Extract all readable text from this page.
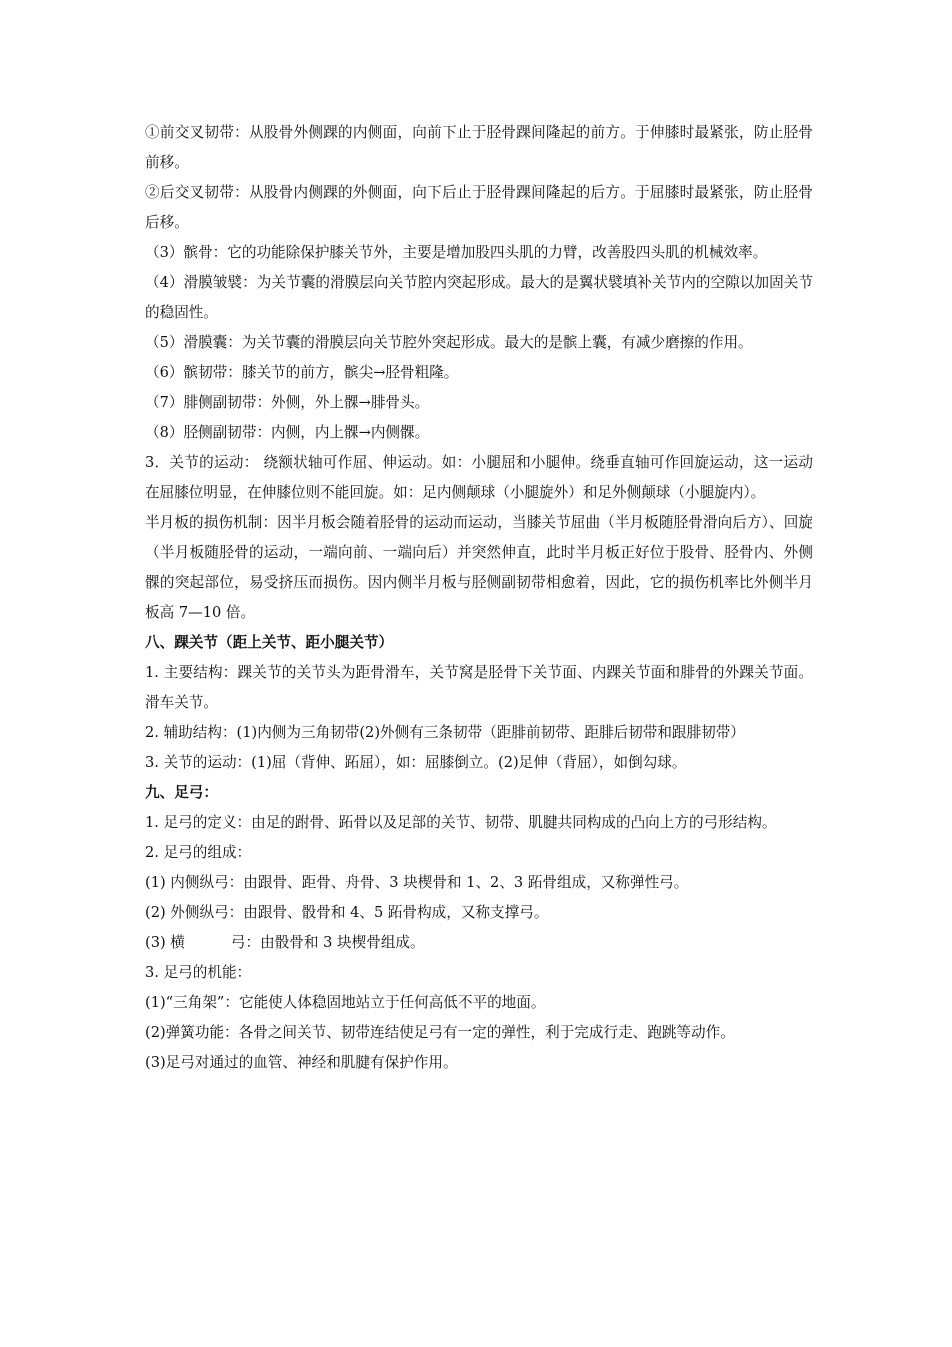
①前交叉韧带：从股骨外侧踝的内侧面，向前下止于胫骨踝间隆起的前方。于伸膝时最紧张，防止胫骨前移。

②后交叉韧带：从股骨内侧踝的外侧面，向下后止于胫骨踝间隆起的后方。于屈膝时最紧张，防止胫骨后移。

（3）髌骨：它的功能除保护膝关节外，主要是增加股四头肌的力臂，改善股四头肌的机械效率。

（4）滑膜皱襞：为关节囊的滑膜层向关节腔内突起形成。最大的是翼状襞填补关节内的空隙以加固关节的稳固性。

（5）滑膜囊：为关节囊的滑膜层向关节腔外突起形成。最大的是髌上囊，有减少磨擦的作用。

（6）髌韧带：膝关节的前方，髌尖→胫骨粗隆。

（7）腓侧副韧带：外侧，外上髁→腓骨头。

（8）胫侧副韧带：内侧，内上髁→内侧髁。

3．关节的运动： 绕额状轴可作屈、伸运动。如：小腿屈和小腿伸。绕垂直轴可作回旋运动，这一运动在屈膝位明显，在伸膝位则不能回旋。如：足内侧颠球（小腿旋外）和足外侧颠球（小腿旋内）。

半月板的损伤机制：因半月板会随着胫骨的运动而运动，当膝关节屈曲（半月板随胫骨滑向后方）、回旋（半月板随胫骨的运动，一端向前、一端向后）并突然伸直，此时半月板正好位于股骨、胫骨内、外侧髁的突起部位，易受挤压而损伤。因内侧半月板与胫侧副韧带相愈着，因此，它的损伤机率比外侧半月板高 7—10 倍。

八、踝关节（距上关节、距小腿关节）

1. 主要结构：踝关节的关节头为距骨滑车，关节窝是胫骨下关节面、内踝关节面和腓骨的外踝关节面。滑车关节。

2. 辅助结构：(1)内侧为三角韧带(2)外侧有三条韧带（距腓前韧带、距腓后韧带和跟腓韧带）

3. 关节的运动：(1)屈（背伸、跖屈），如：屈膝倒立。(2)足伸（背屈），如倒勾球。

九、足弓：

1. 足弓的定义：由足的跗骨、跖骨以及足部的关节、韧带、肌腱共同构成的凸向上方的弓形结构。

2. 足弓的组成：

(1) 内侧纵弓：由跟骨、距骨、舟骨、3 块楔骨和 1、2、3 跖骨组成，又称弹性弓。

(2) 外侧纵弓：由跟骨、骰骨和 4、5 跖骨构成，又称支撑弓。

(3) 横	弓：由骰骨和 3 块楔骨组成。

3. 足弓的机能：

(1)“三角架”：它能使人体稳固地站立于任何高低不平的地面。

(2)弹簧功能：各骨之间关节、韧带连结使足弓有一定的弹性，利于完成行走、跑跳等动作。

(3)足弓对通过的血管、神经和肌腱有保护作用。
